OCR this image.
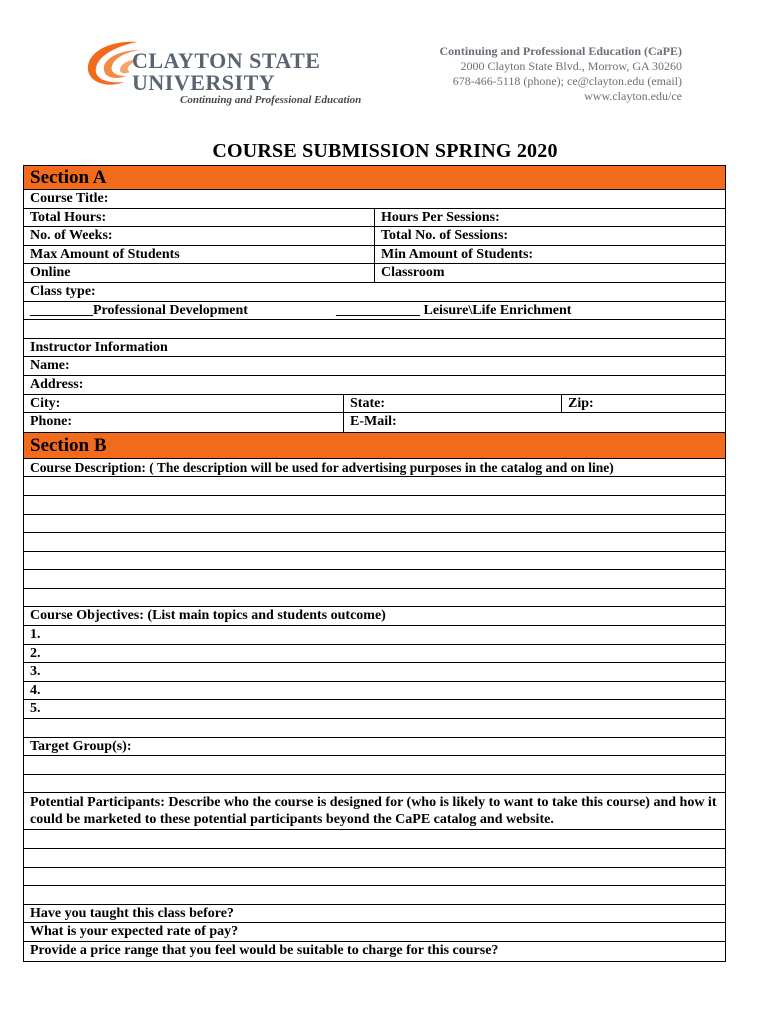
CLAYTON STATE
UNIVERSITY
Continuing and Professional Education
Continuing and Professional Education (CaPE)
2000 Clayton State Blvd., Morrow, GA 30260
678-466-5118 (phone); ce@clayton.edu (email)
www.clayton.edu/ce
COURSE SUBMISSION SPRING 2020
Section A
Course Title:
Total Hours:	Hours Per Sessions:
No. of Weeks:	Total No. of Sessions:
Max Amount of Students	Min Amount of Students:
Online	Classroom
Class type:
_________Professional Development	____________ Leisure\Life Enrichment
Instructor Information
Name:
Address:
City:	State:	Zip:
Phone:	E-Mail:
Section B
Course Description: ( The description will be used for advertising purposes in the catalog and on line)
Course Objectives: (List main topics and students outcome)
1.
2.
3.
4.
5.
Target Group(s):
Potential Participants: Describe who the course is designed for (who is likely to want to take this course) and how it could be marketed to these potential participants beyond the CaPE catalog and website.
Have you taught this class before?
What is your expected rate of pay?
Provide a price range that you feel would be suitable to charge for this course?
